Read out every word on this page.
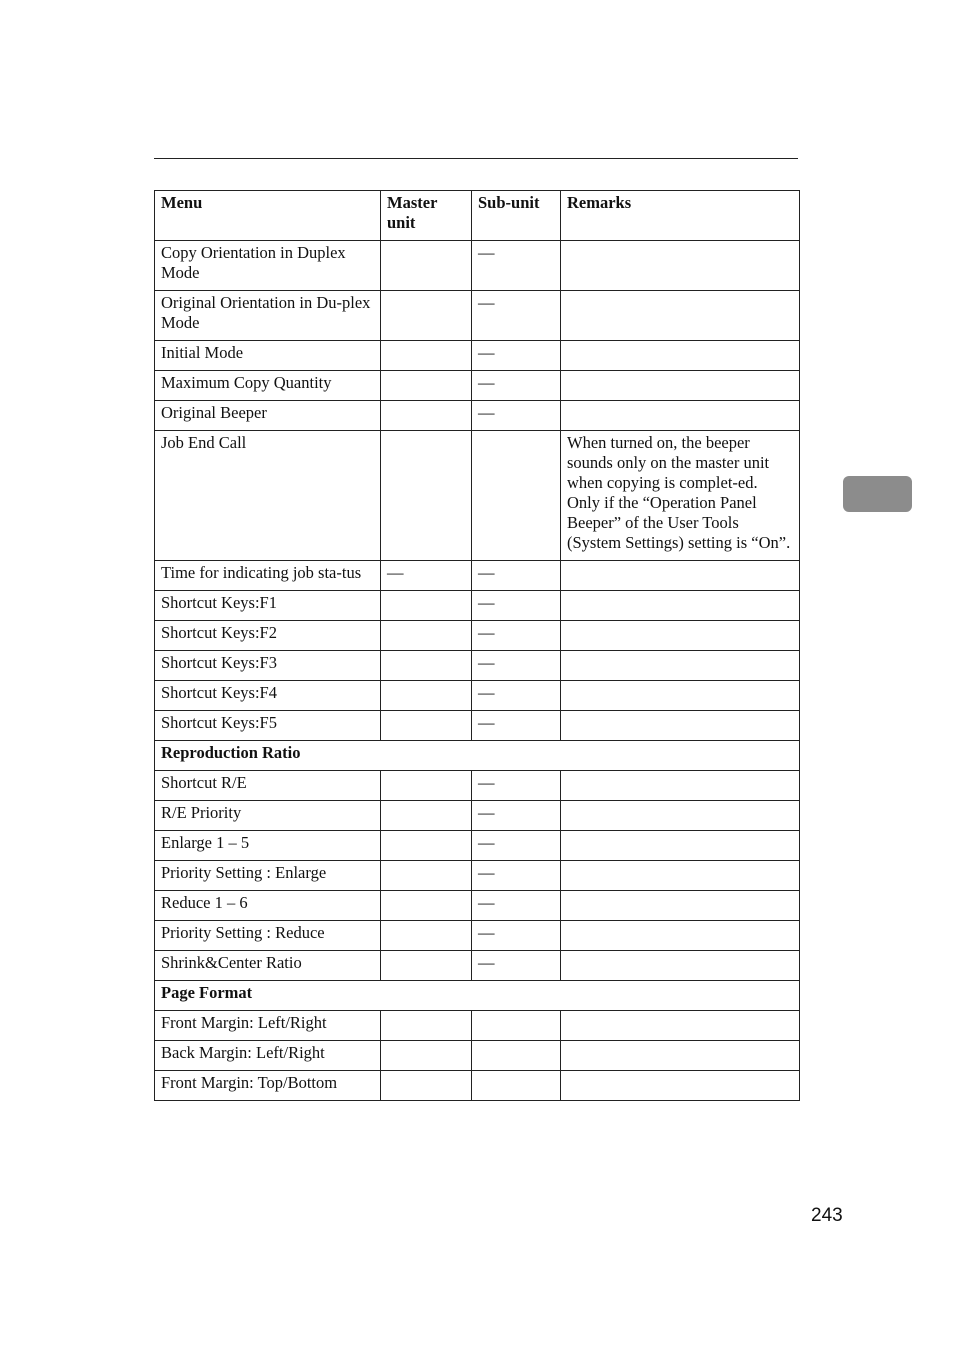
Menu	Master unit	Sub-unit	Remarks
Copy Orientation in Duplex Mode		—	
Original Orientation in Du-plex Mode		—	
Initial Mode		—	
Maximum Copy Quantity		—	
Original Beeper		—	
Job End Call			When turned on, the beeper sounds only on the master unit when copying is complet-ed. Only if the “Operation Panel Beeper” of the User Tools (System Settings) setting is “On”.
Time for indicating job sta-tus	—	—	
Shortcut Keys:F1		—	
Shortcut Keys:F2		—	
Shortcut Keys:F3		—	
Shortcut Keys:F4		—	
Shortcut Keys:F5		—	
Reproduction Ratio			
Shortcut R/E		—	
R/E Priority		—	
Enlarge 1 – 5		—	
Priority Setting : Enlarge		—	
Reduce 1 – 6		—	
Priority Setting : Reduce		—	
Shrink&Center Ratio		—	
Page Format			
Front Margin: Left/Right			
Back Margin: Left/Right			
Front Margin: Top/Bottom			
243
